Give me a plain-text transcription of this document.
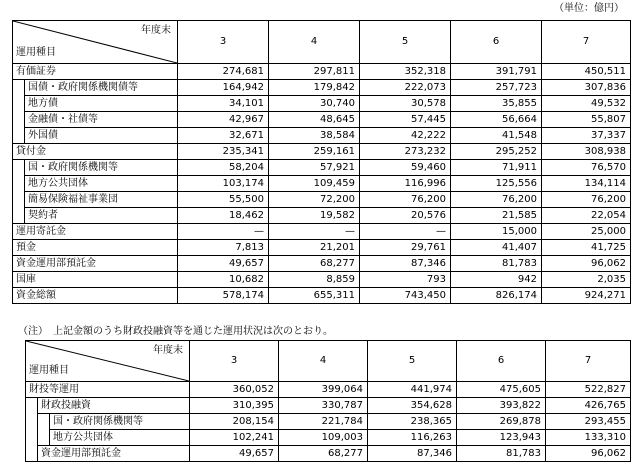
（単位：億円）
年度末
運用種目		3	4	5	6	7
有価証券		274,681	297,811	352,318	391,791	450,511
	国債・政府関係機関債等	164,942	179,842	222,073	257,723	307,836
	地方債	34,101	30,740	30,578	35,855	49,532
	金融債・社債等	42,967	48,645	57,445	56,664	55,807
	外国債	32,671	38,584	42,222	41,548	37,337
貸付金		235,341	259,161	273,232	295,252	308,938
	国・政府関係機関等	58,204	57,921	59,460	71,911	76,570
	地方公共団体	103,174	109,459	116,996	125,556	134,114
	簡易保険福祉事業団	55,500	72,200	76,200	76,200	76,200
	契約者	18,462	19,582	20,576	21,585	22,054
運用寄託金		—	—	—	15,000	25,000
預金		7,813	21,201	29,761	41,407	41,725
資金運用部預託金		49,657	68,277	87,346	81,783	96,062
国庫		10,682	8,859	793	942	2,035
資金総額		578,174	655,311	743,450	826,174	924,271
（注）　上記金額のうち財政投融資等を通じた運用状況は次のとおり。
年度末
運用種目			3	4	5	6	7
財投等運用			360,052	399,064	441,974	475,605	522,827
	財政投融資		310,395	330,787	354,628	393,822	426,765
		国・政府関係機関等	208,154	221,784	238,365	269,878	293,455
		地方公共団体	102,241	109,003	116,263	123,943	133,310
	資金運用部預託金		49,657	68,277	87,346	81,783	96,062
